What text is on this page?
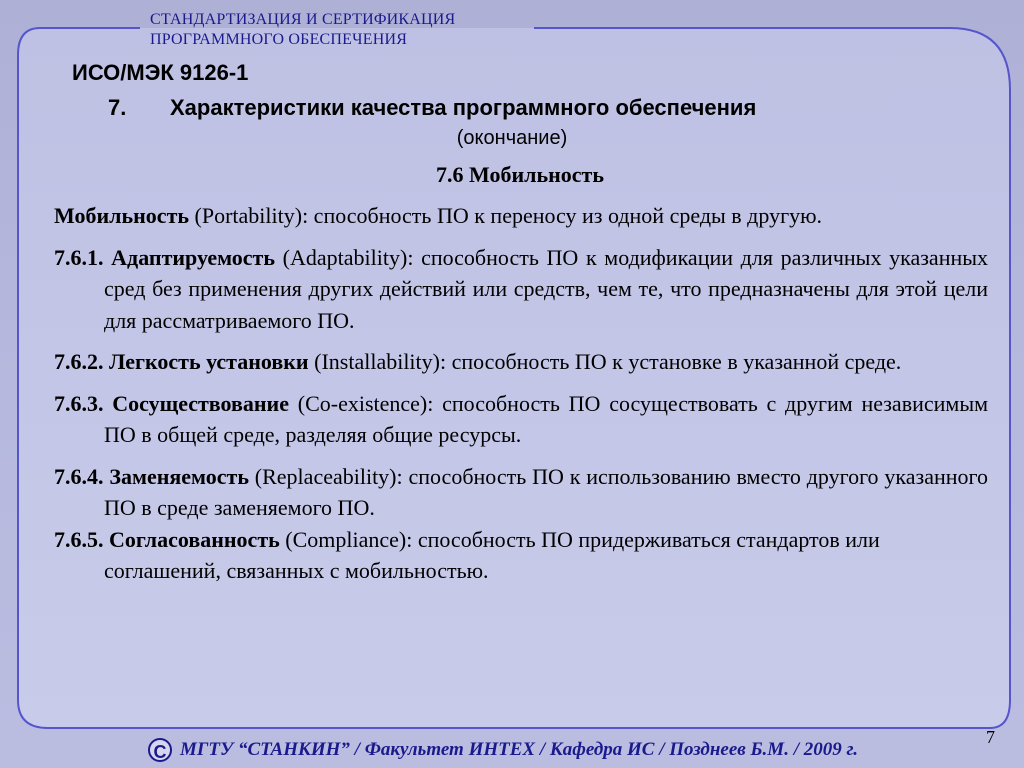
СТАНДАРТИЗАЦИЯ И СЕРТИФИКАЦИЯ
ПРОГРАММНОГО ОБЕСПЕЧЕНИЯ
ИСО/МЭК 9126-1
7. Характеристики качества программного обеспечения
(окончание)
7.6 Мобильность

Мобильность (Portability): способность ПО к переносу из одной среды в другую.

7.6.1. Адаптируемость (Adaptability): способность ПО к модификации для различных указанных сред без применения других действий или средств, чем те, что предназначены для этой цели для рассматриваемого ПО.

7.6.2. Легкость установки (Installability): способность ПО к установке в указанной среде.

7.6.3. Сосуществование (Co-existence): способность ПО сосуществовать с другим независимым ПО в общей среде, разделяя общие ресурсы.

7.6.4. Заменяемость (Replaceability): способность ПО к использованию вместо другого указанного ПО в среде заменяемого ПО.

7.6.5. Согласованность (Compliance): способность ПО придерживаться стандартов или соглашений, связанных с мобильностью.

7
С МГТУ “СТАНКИН” / Факультет ИНТЕХ / Кафедра ИС / Позднеев Б.М. / 2009 г.
